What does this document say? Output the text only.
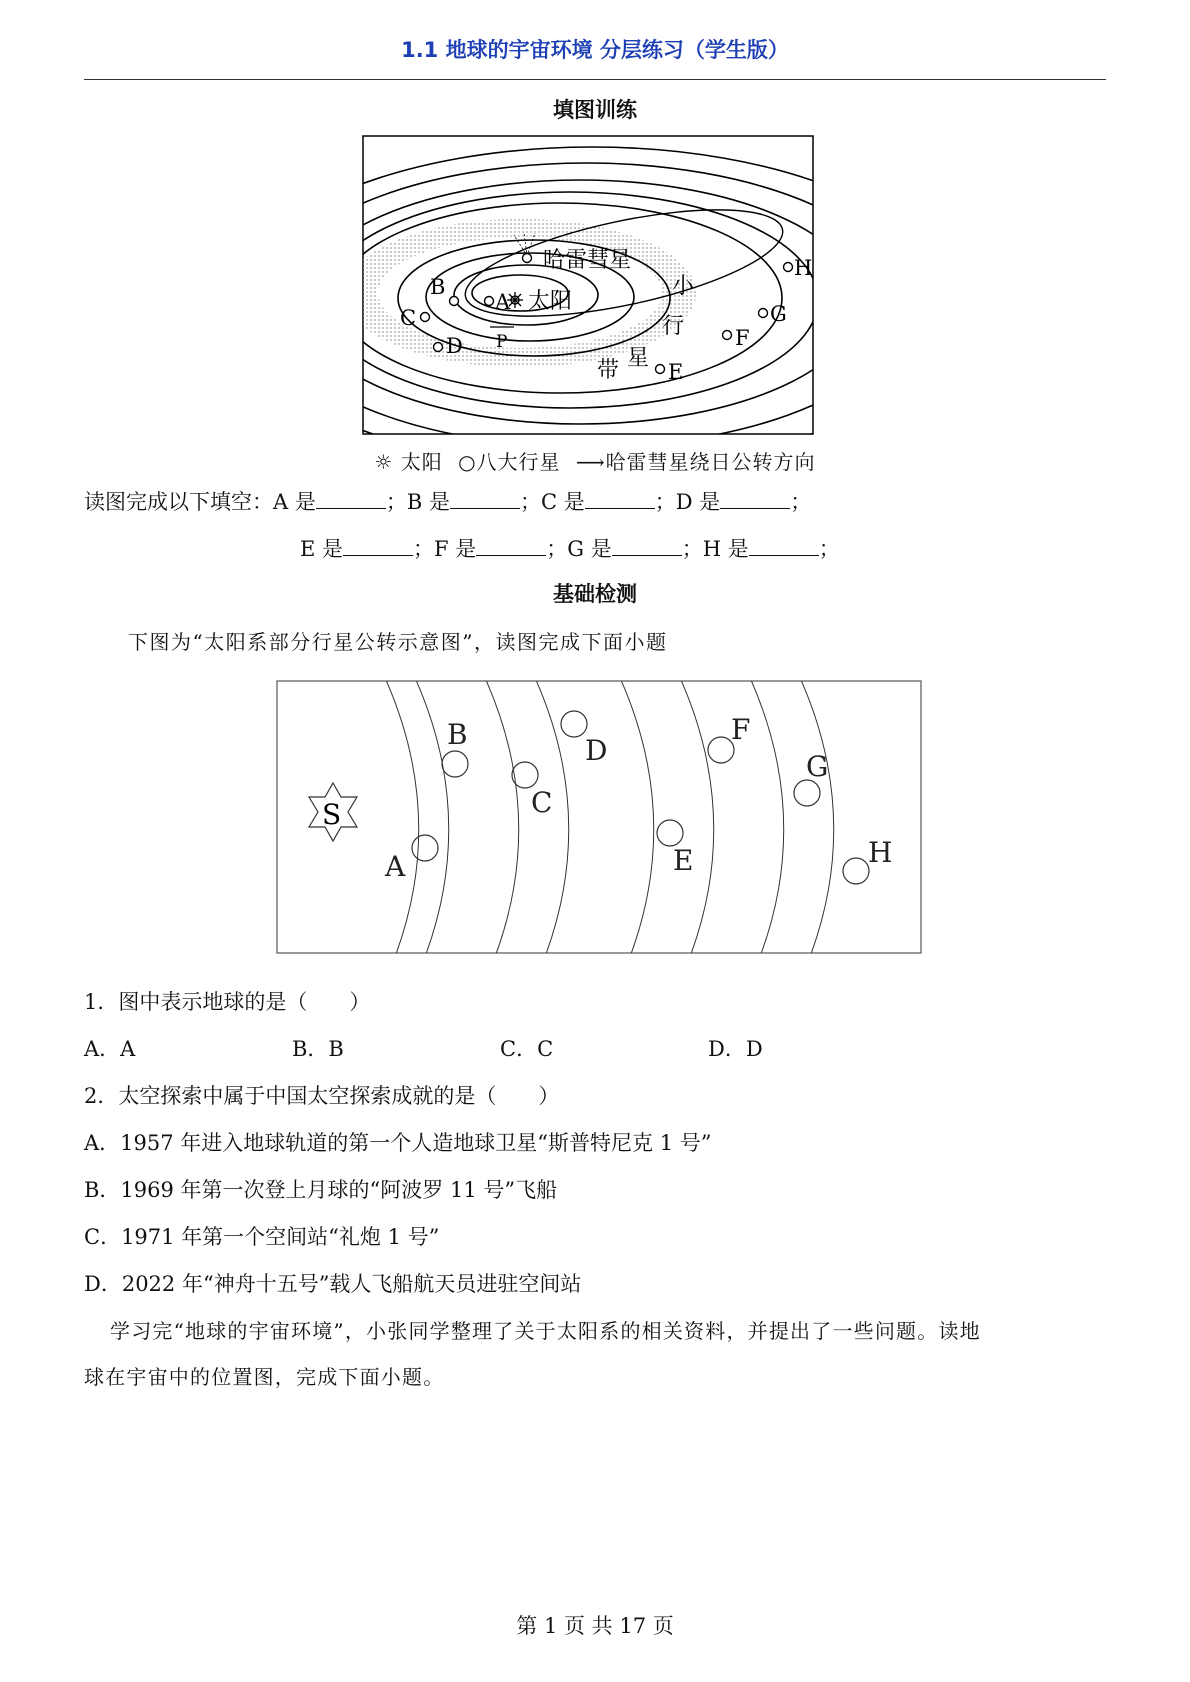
1.1 地球的宇宙环境 分层练习（学生版）
填图训练
哈雷彗星
太阳
A
B
C
D
E
F
G
H
P
小
行
星
带
☼ 太阳 ○八大行星 ⟶哈雷彗星绕日公转方向
读图完成以下填空：A 是	；B 是	；C 是	；D 是	；
E 是	；F 是	；G 是	；H 是	；
基础检测
下图为“太阳系部分行星公转示意图”，读图完成下面小题
S
A
B
C
D
E
F
G
H
1．图中表示地球的是（　　）
A．A	B．B	C．C	D．D
2．太空探索中属于中国太空探索成就的是（　　）
A．1957 年进入地球轨道的第一个人造地球卫星“斯普特尼克 1 号”
B．1969 年第一次登上月球的“阿波罗 11 号”飞船
C．1971 年第一个空间站“礼炮 1 号”
D．2022 年“神舟十五号”载人飞船航天员进驻空间站
学习完“地球的宇宙环境”，小张同学整理了关于太阳系的相关资料，并提出了一些问题。读地
球在宇宙中的位置图，完成下面小题。
第 1 页 共 17 页
